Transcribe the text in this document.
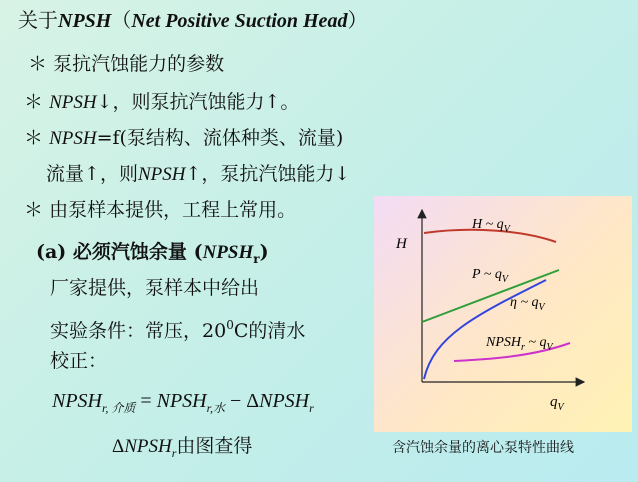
关于NPSH（Net Positive Suction Head）
＊ 泵抗汽蚀能力的参数
＊ NPSH↓，则泵抗汽蚀能力↑。
＊ NPSH=f(泵结构、流体种类、流量)
流量↑，则NPSH↑，泵抗汽蚀能力↓
＊ 由泵样本提供，工程上常用。
(a) 必须汽蚀余量 $(NPSH_r)$
厂家提供，泵样本中给出
实验条件：常压，$20^0C$的清水
校正：
$NPSH_{r, 介质}$ = $NPSH_{r,水}$ − $\Delta NPSH_r$
$\Delta NPSH_r$由图查得
H
H ~ $q_V$
P ~ $q_V$
η ~ $q_V$
$NPSH_r$ ~ $q_V$
$q_V$
含汽蚀余量的离心泵特性曲线
